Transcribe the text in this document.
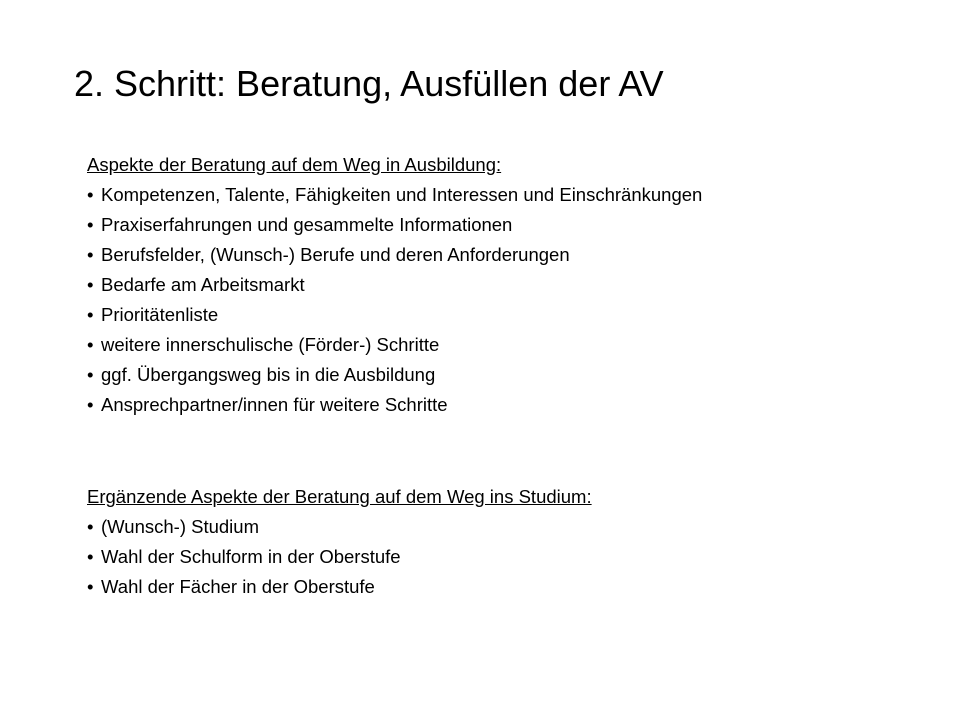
2. Schritt: Beratung, Ausfüllen der AV
Aspekte der Beratung auf dem Weg in Ausbildung:
• Kompetenzen, Talente, Fähigkeiten und Interessen und Einschränkungen
• Praxiserfahrungen und gesammelte Informationen
• Berufsfelder, (Wunsch-) Berufe und deren Anforderungen
• Bedarfe am Arbeitsmarkt
• Prioritätenliste
• weitere innerschulische (Förder-) Schritte
• ggf. Übergangsweg bis in die Ausbildung
• Ansprechpartner/innen für weitere Schritte
Ergänzende Aspekte der Beratung auf dem Weg ins Studium:
• (Wunsch-) Studium
• Wahl der Schulform in der Oberstufe
• Wahl der Fächer in der Oberstufe
